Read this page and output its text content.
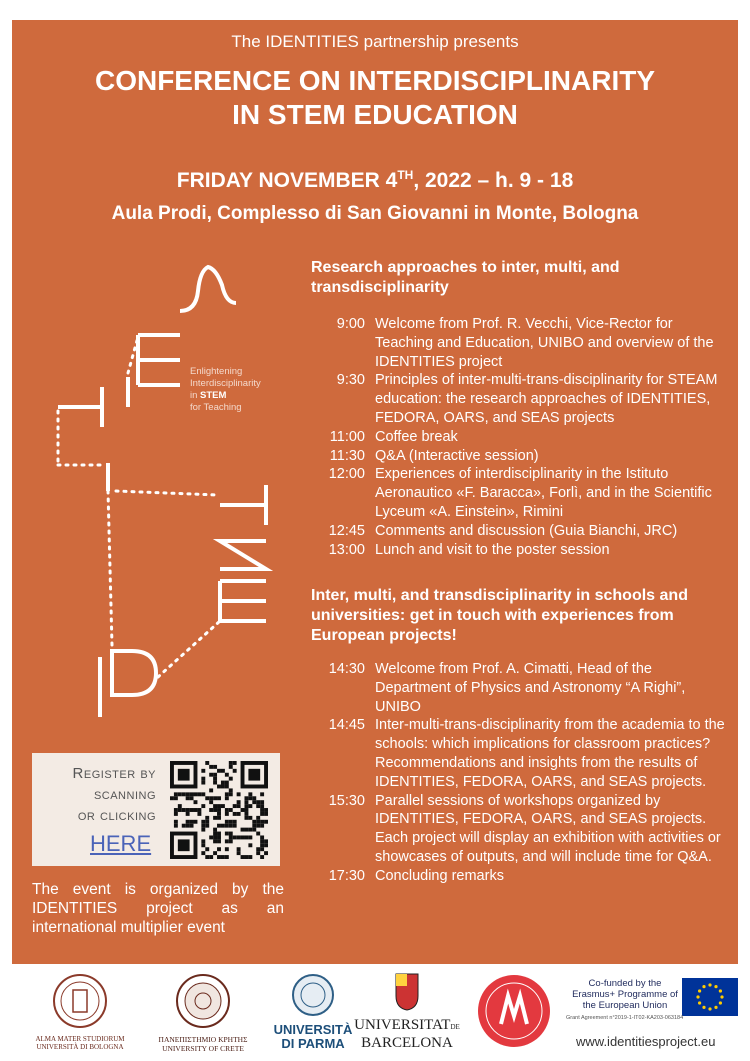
The IDENTITIES partnership presents
CONFERENCE ON INTERDISCIPLINARITY
IN STEM EDUCATION
FRIDAY NOVEMBER 4TH, 2022 – h. 9 - 18
Aula Prodi, Complesso di San Giovanni in Monte, Bologna
Enlightening
Interdisciplinarity
in STEM
for Teaching
Research approaches to inter, multi, and transdisciplinarity
9:00 Welcome from Prof. R. Vecchi, Vice-Rector for Teaching and Education, UNIBO and overview of the IDENTITIES project
9:30 Principles of inter-multi-trans-disciplinarity for STEAM education: the research approaches of IDENTITIES, FEDORA, OARS, and SEAS projects
11:00 Coffee break
11:30 Q&A (Interactive session)
12:00 Experiences of interdisciplinarity in the Istituto Aeronautico «F. Baracca», Forlì, and in the Scientific Lyceum «A. Einstein», Rimini
12:45 Comments and discussion (Guia Bianchi, JRC)
13:00 Lunch and visit to the poster session
Inter, multi, and transdisciplinarity in schools and universities: get in touch with experiences from European projects!
14:30 Welcome from Prof. A. Cimatti, Head of the Department of Physics and Astronomy “A Righi”, UNIBO
14:45 Inter-multi-trans-disciplinarity from the academia to the schools: which implications for classroom practices? Recommendations and insights from the results of IDENTITIES, FEDORA, OARS, and SEAS projects.
15:30 Parallel sessions of workshops organized by IDENTITIES, FEDORA, OARS, and SEAS projects. Each project will display an exhibition with activities or showcases of outputs, and will include time for Q&A.
17:30 Concluding remarks
Register by
scanning
or clicking
HERE
The event is organized by the IDENTITIES project as an international multiplier event
ALMA MATER STUDIORUM
UNIVERSITÀ DI BOLOGNA
ΠΑΝΕΠΙΣΤΗΜΙΟ ΚΡΗΤΗΣ
UNIVERSITY OF CRETE
UNIVERSITÀ
DI PARMA
UNIVERSITATDE
BARCELONA
Co-funded by the Erasmus+ Programme of the European Union
Grant Agreement n°2019-1-IT02-KA203-063184
www.identitiesproject.eu
